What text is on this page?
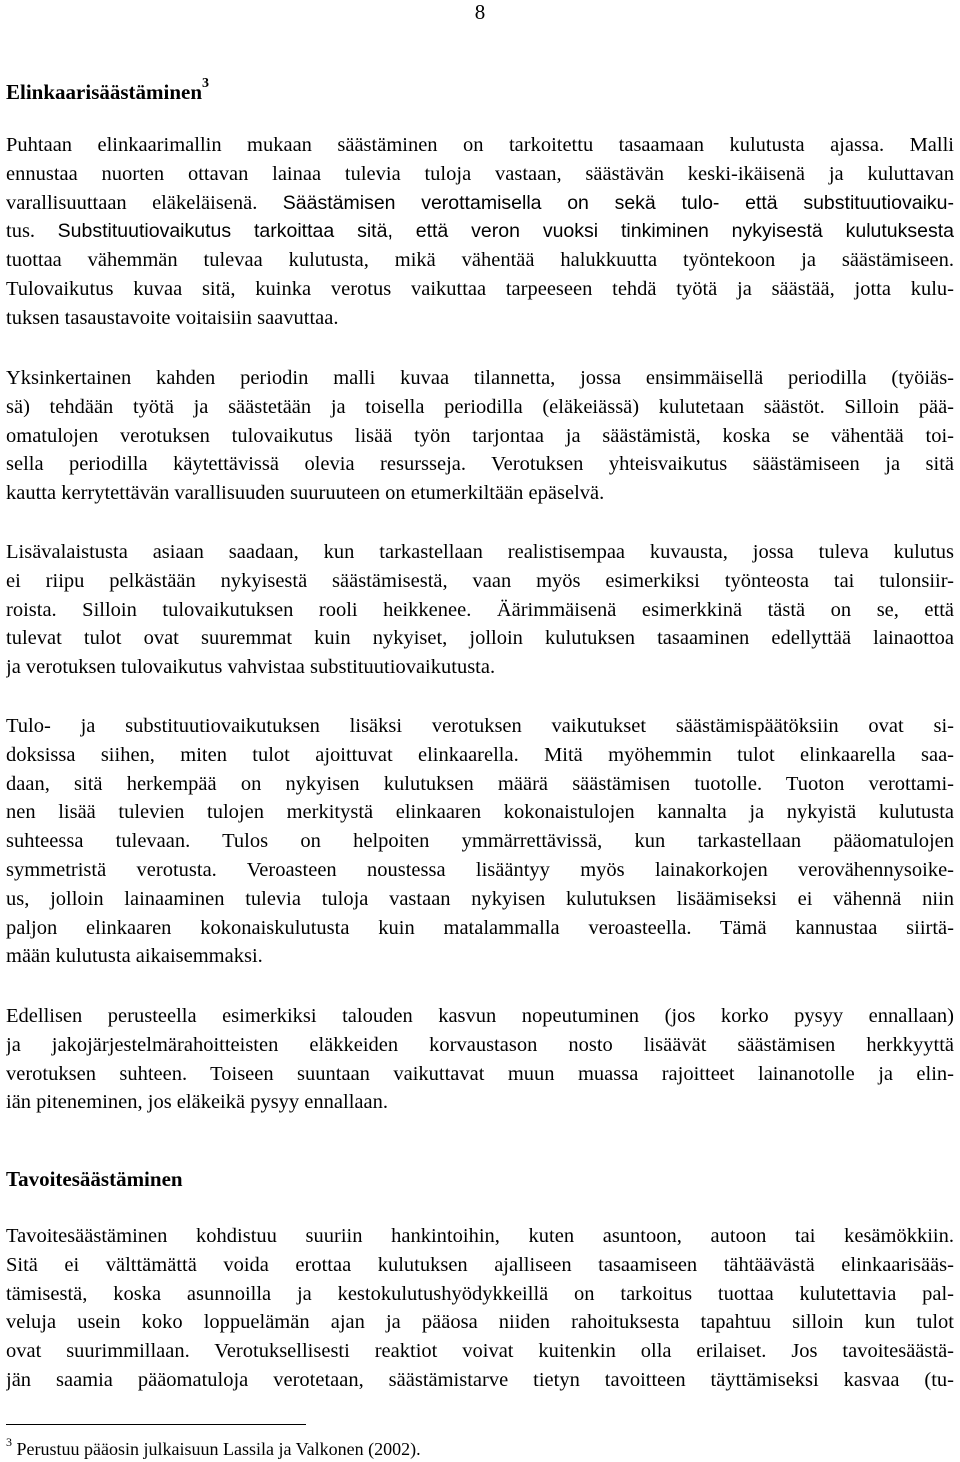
8
Elinkaarisäästäminen$^3$
Puhtaan elinkaarimallin mukaan säästäminen on tarkoitettu tasaamaan kulutusta ajassa. Malli
ennustaa nuorten ottavan lainaa tulevia tuloja vastaan, säästävän keski-ikäisenä ja kuluttavan
varallisuuttaan eläkeläisenä. Säästämisen verottamisella on sekä tulo- että substituutiovaiku-
tus. Substituutiovaikutus tarkoittaa sitä, että veron vuoksi tinkiminen nykyisestä kulutuksesta
tuottaa vähemmän tulevaa kulutusta, mikä vähentää halukkuutta työntekoon ja säästämiseen.
Tulovaikutus kuvaa sitä, kuinka verotus vaikuttaa tarpeeseen tehdä työtä ja säästää, jotta kulu-
tuksen tasaustavoite voitaisiin saavuttaa.
Yksinkertainen kahden periodin malli kuvaa tilannetta, jossa ensimmäisellä periodilla (työiäs-
sä) tehdään työtä ja säästetään ja toisella periodilla (eläkeiässä) kulutetaan säästöt. Silloin pää-
omatulojen verotuksen tulovaikutus lisää työn tarjontaa ja säästämistä, koska se vähentää toi-
sella periodilla käytettävissä olevia resursseja. Verotuksen yhteisvaikutus säästämiseen ja sitä
kautta kerrytettävän varallisuuden suuruuteen on etumerkiltään epäselvä.
Lisävalaistusta asiaan saadaan, kun tarkastellaan realistisempaa kuvausta, jossa tuleva kulutus
ei riipu pelkästään nykyisestä säästämisestä, vaan myös esimerkiksi työnteosta tai tulonsiir-
roista. Silloin tulovaikutuksen rooli heikkenee. Äärimmäisenä esimerkkinä tästä on se, että
tulevat tulot ovat suuremmat kuin nykyiset, jolloin kulutuksen tasaaminen edellyttää lainaottoa
ja verotuksen tulovaikutus vahvistaa substituutiovaikutusta.
Tulo- ja substituutiovaikutuksen lisäksi verotuksen vaikutukset säästämispäätöksiin ovat si-
doksissa siihen, miten tulot ajoittuvat elinkaarella. Mitä myöhemmin tulot elinkaarella saa-
daan, sitä herkempää on nykyisen kulutuksen määrä säästämisen tuotolle. Tuoton verottami-
nen lisää tulevien tulojen merkitystä elinkaaren kokonaistulojen kannalta ja nykyistä kulutusta
suhteessa tulevaan. Tulos on helpoiten ymmärrettävissä, kun tarkastellaan pääomatulojen
symmetristä verotusta. Veroasteen noustessa lisääntyy myös lainakorkojen verovähennysoike-
us, jolloin lainaaminen tulevia tuloja vastaan nykyisen kulutuksen lisäämiseksi ei vähennä niin
paljon elinkaaren kokonaiskulutusta kuin matalammalla veroasteella. Tämä kannustaa siirtä-
mään kulutusta aikaisemmaksi.
Edellisen perusteella esimerkiksi talouden kasvun nopeutuminen (jos korko pysyy ennallaan)
ja jakojärjestelmärahoitteisten eläkkeiden korvaustason nosto lisäävät säästämisen herkkyyttä
verotuksen suhteen. Toiseen suuntaan vaikuttavat muun muassa rajoitteet lainanotolle ja elin-
iän piteneminen, jos eläkeikä pysyy ennallaan.
Tavoitesäästäminen
Tavoitesäästäminen kohdistuu suuriin hankintoihin, kuten asuntoon, autoon tai kesämökkiin.
Sitä ei välttämättä voida erottaa kulutuksen ajalliseen tasaamiseen tähtäävästä elinkaarisääs-
tämisestä, koska asunnoilla ja kestokulutushyödykkeillä on tarkoitus tuottaa kulutettavia pal-
veluja usein koko loppuelämän ajan ja pääosa niiden rahoituksesta tapahtuu silloin kun tulot
ovat suurimmillaan. Verotuksellisesti reaktiot voivat kuitenkin olla erilaiset. Jos tavoitesäästä-
jän saamia pääomatuloja verotetaan, säästämistarve tietyn tavoitteen täyttämiseksi kasvaa (tu-
$^3$ Perustuu pääosin julkaisuun Lassila ja Valkonen (2002).
